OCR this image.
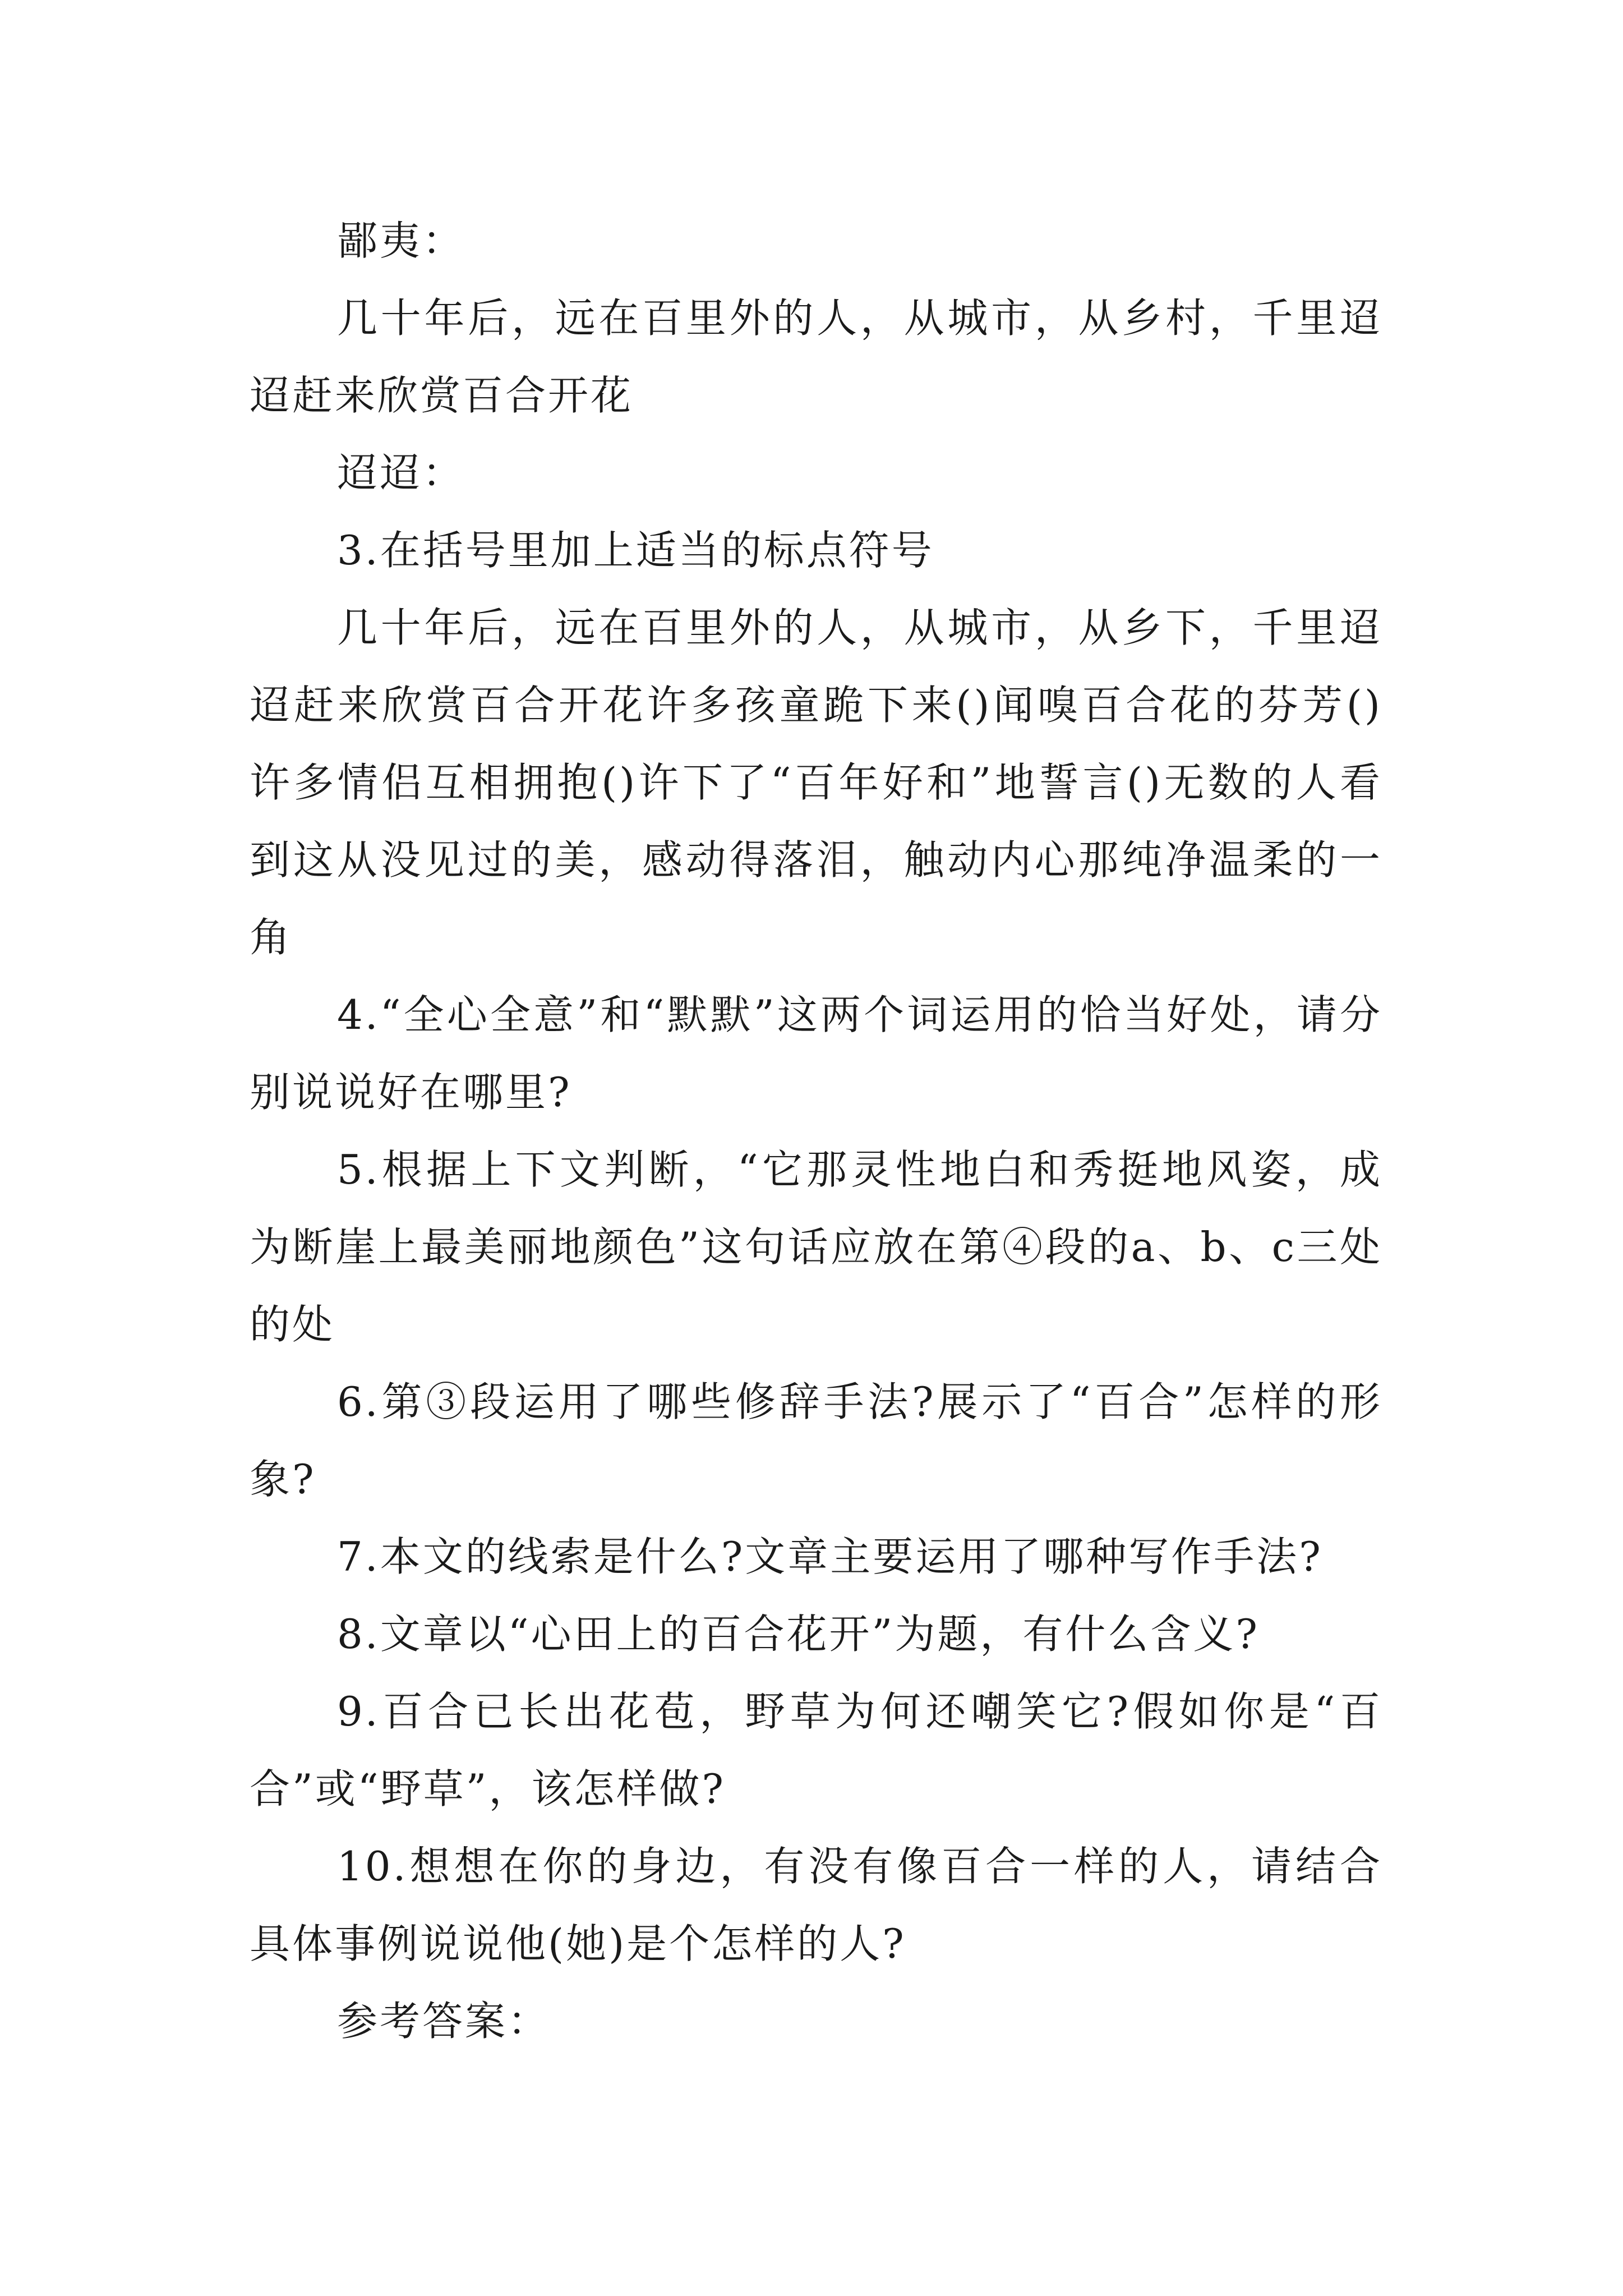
鄙夷：

几十年后，远在百里外的人，从城市，从乡村，千里迢迢赶来欣赏百合开花

迢迢：

3.在括号里加上适当的标点符号

几十年后，远在百里外的人，从城市，从乡下，千里迢迢赶来欣赏百合开花许多孩童跪下来()闻嗅百合花的芬芳()许多情侣互相拥抱()许下了“百年好和”地誓言()无数的人看到这从没见过的美，感动得落泪，触动内心那纯净温柔的一角

4.“全心全意”和“默默”这两个词运用的恰当好处，请分别说说好在哪里?

5.根据上下文判断，“它那灵性地白和秀挺地风姿，成为断崖上最美丽地颜色”这句话应放在第④段的a、b、c三处的处

6.第③段运用了哪些修辞手法?展示了“百合”怎样的形象?

7.本文的线索是什么?文章主要运用了哪种写作手法?

8.文章以“心田上的百合花开”为题，有什么含义?

9.百合已长出花苞，野草为何还嘲笑它?假如你是“百合”或“野草”，该怎样做?

10.想想在你的身边，有没有像百合一样的人，请结合具体事例说说他(她)是个怎样的人?

参考答案：
